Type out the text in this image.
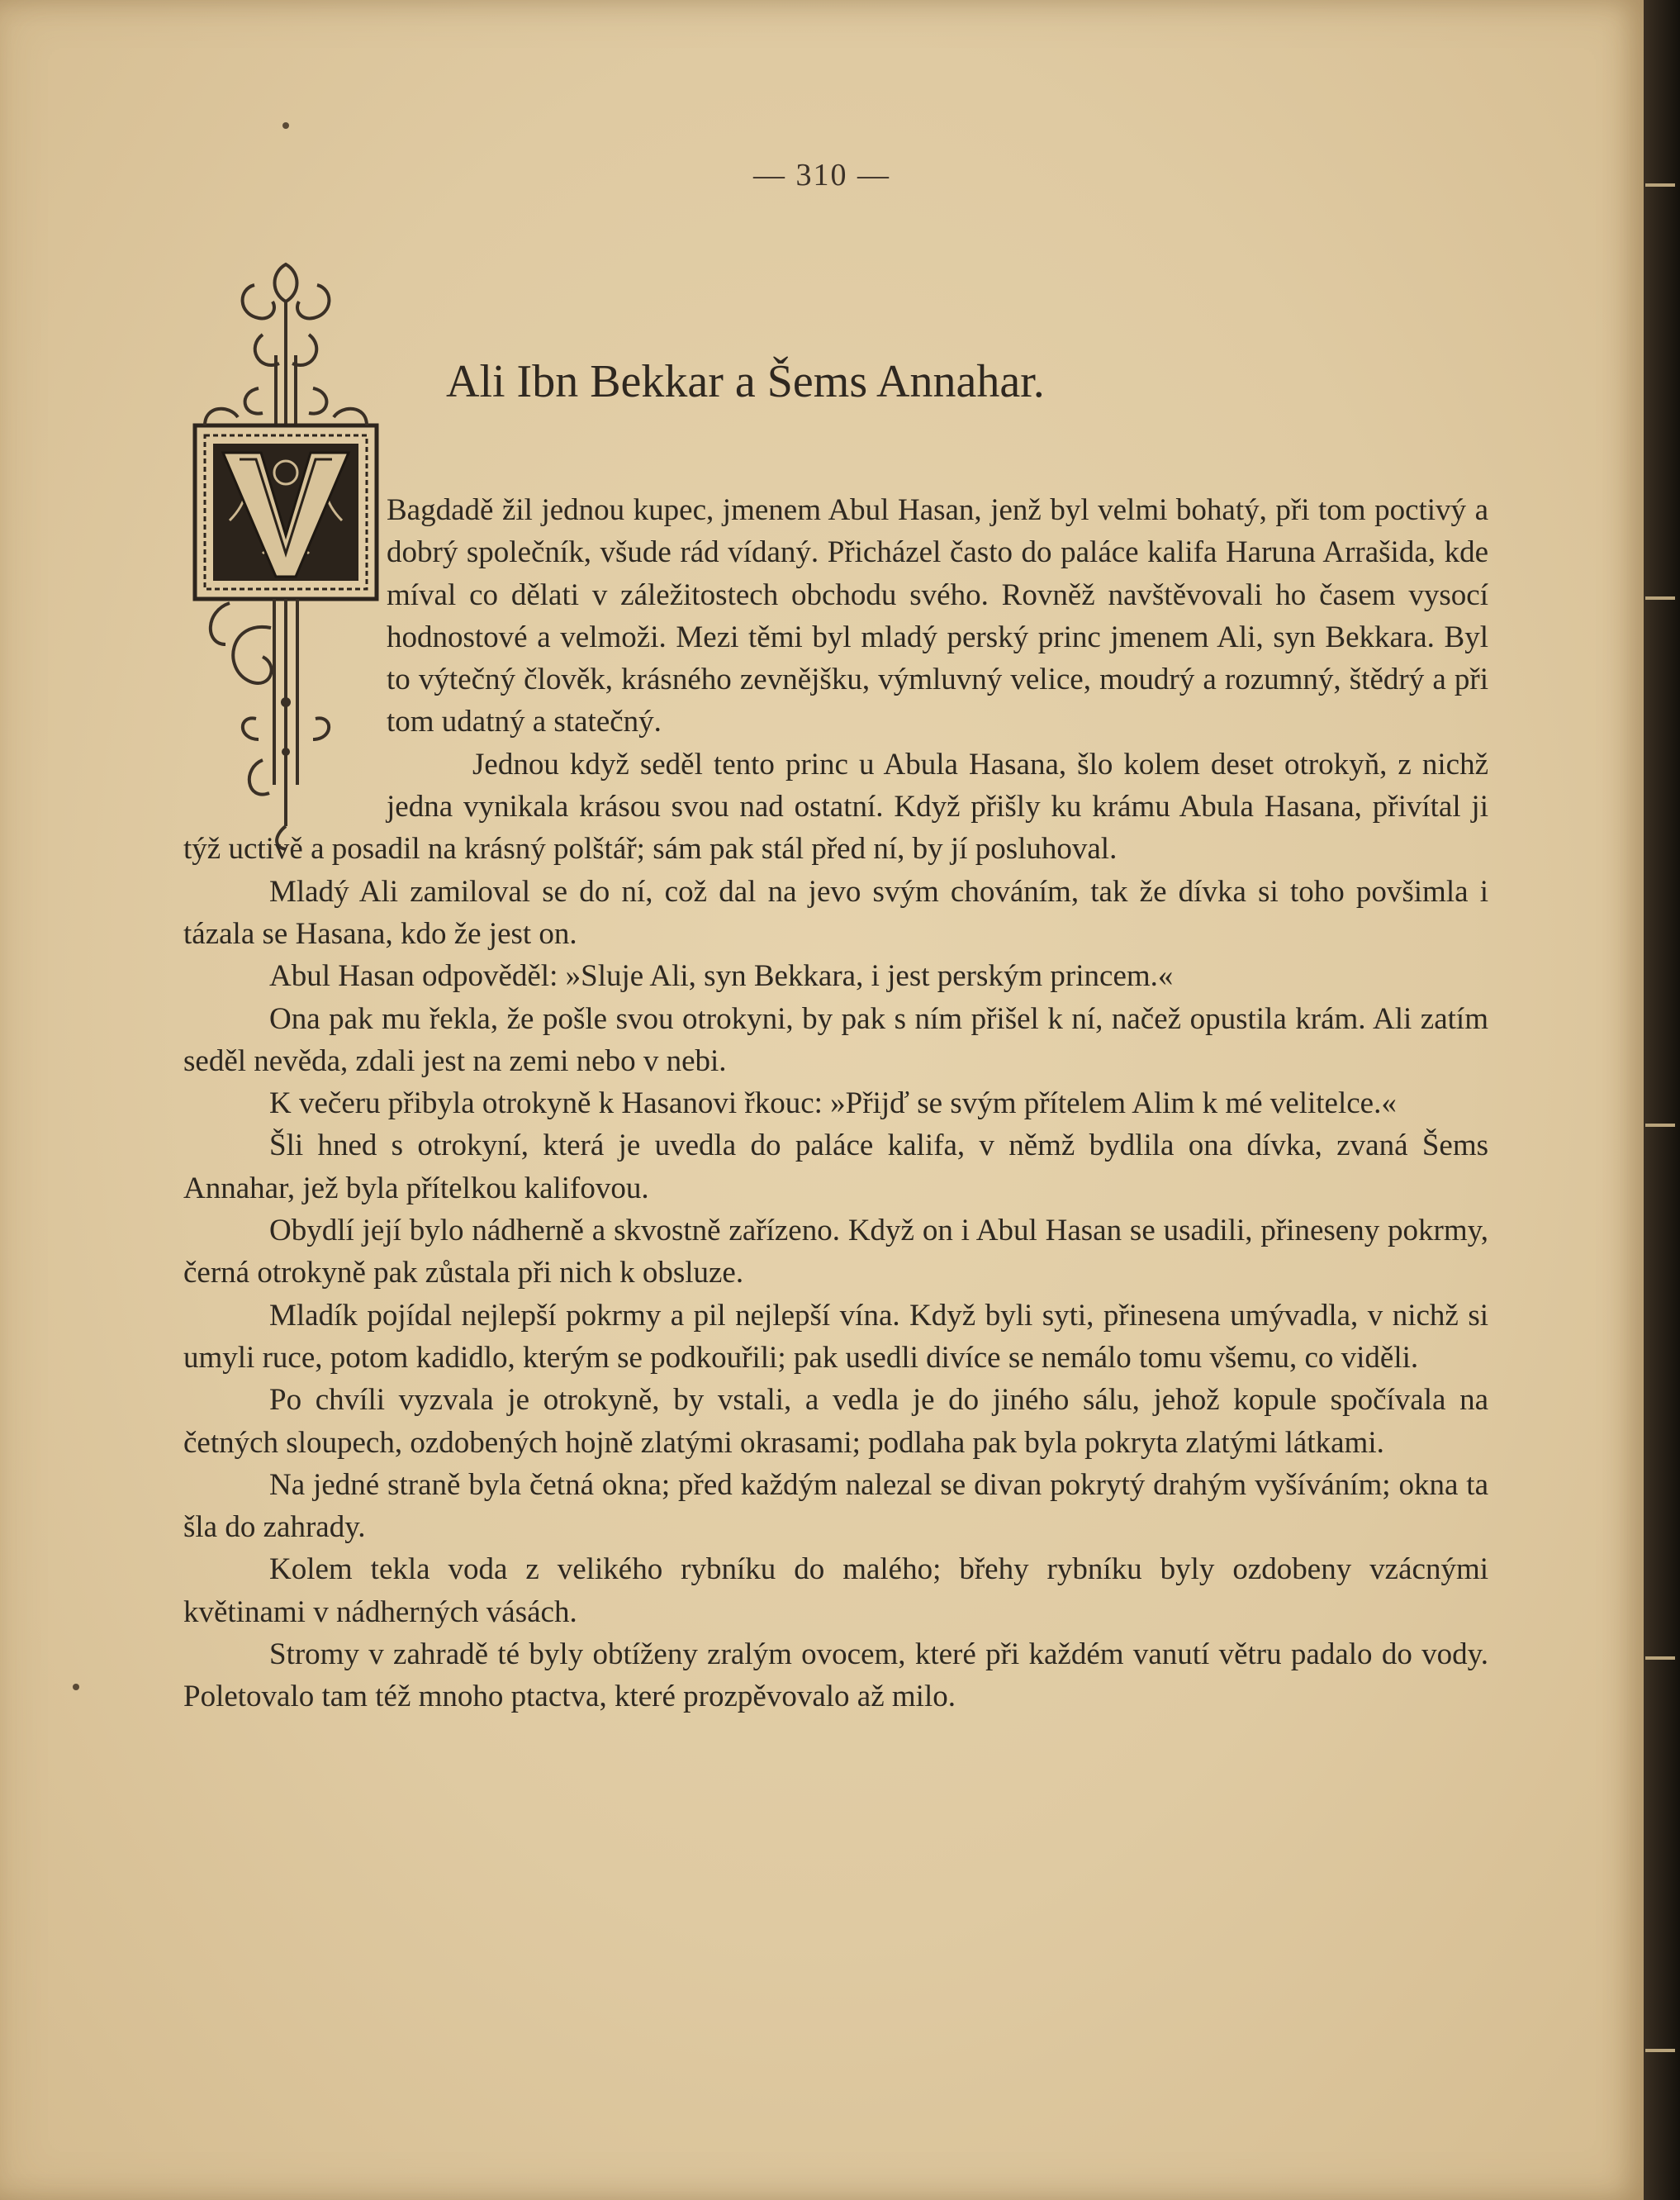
— 310 —
Ali Ibn Bekkar a Šems Annahar.

Bagdadě žil jednou kupec, jmenem Abul Hasan, jenž byl velmi bohatý, při tom poctivý a dobrý společník, všude rád vídaný. Přicházel často do paláce kalifa Haruna Arrašida, kde míval co dělati v záležitostech obchodu svého. Rovněž navštěvovali ho časem vysocí hodnostové a velmoži. Mezi těmi byl mladý perský princ jmenem Ali, syn Bekkara. Byl to výtečný člověk, krásného zevnějšku, výmluvný velice, moudrý a rozumný, štědrý a při tom udatný a statečný.

Jednou když seděl tento princ u Abula Hasana, šlo kolem deset otrokyň, z nichž jedna vynikala krásou svou nad ostatní. Když přišly ku krámu Abula Hasana, přivítal ji týž uctivě a posadil na krásný polštář; sám pak stál před ní, by jí posluhoval.

Mladý Ali zamiloval se do ní, což dal na jevo svým chováním, tak že dívka si toho povšimla i tázala se Hasana, kdo že jest on.

Abul Hasan odpověděl: »Sluje Ali, syn Bekkara, i jest perským princem.«

Ona pak mu řekla, že pošle svou otrokyni, by pak s ním přišel k ní, načež opustila krám. Ali zatím seděl nevěda, zdali jest na zemi nebo v nebi.

K večeru přibyla otrokyně k Hasanovi řkouc: »Přijď se svým přítelem Alim k mé velitelce.«

Šli hned s otrokyní, která je uvedla do paláce kalifa, v němž bydlila ona dívka, zvaná Šems Annahar, jež byla přítelkou kalifovou.

Obydlí její bylo nádherně a skvostně zařízeno. Když on i Abul Hasan se usadili, přineseny pokrmy, černá otrokyně pak zůstala při nich k obsluze.

Mladík pojídal nejlepší pokrmy a pil nejlepší vína. Když byli syti, přinesena umývadla, v nichž si umyli ruce, potom kadidlo, kterým se podkouřili; pak usedli divíce se nemálo tomu všemu, co viděli.

Po chvíli vyzvala je otrokyně, by vstali, a vedla je do jiného sálu, jehož kopule spočívala na četných sloupech, ozdobených hojně zlatými okrasami; podlaha pak byla pokryta zlatými látkami.

Na jedné straně byla četná okna; před každým nalezal se divan pokrytý drahým vyšíváním; okna ta šla do zahrady.

Kolem tekla voda z velikého rybníku do malého; břehy rybníku byly ozdobeny vzácnými květinami v nádherných vásách.

Stromy v zahradě té byly obtíženy zralým ovocem, které při každém vanutí větru padalo do vody. Poletovalo tam též mnoho ptactva, které prozpěvovalo až milo.
